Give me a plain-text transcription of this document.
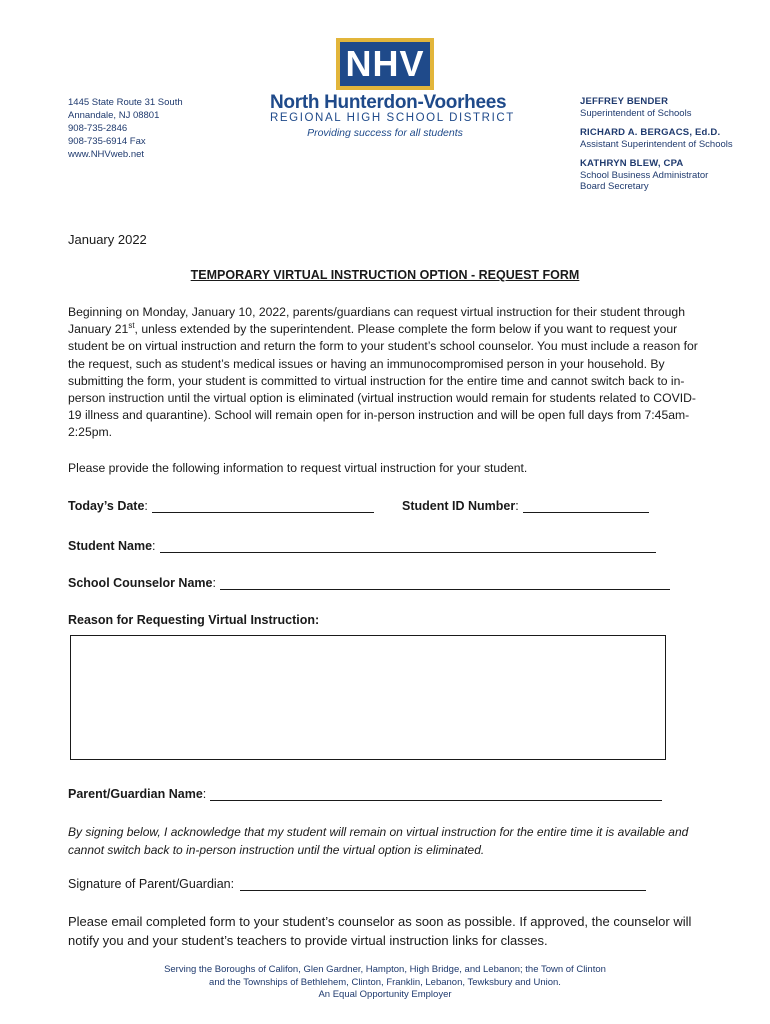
1445 State Route 31 South
Annandale, NJ 08801
908-735-2846
908-735-6914 Fax
www.NHVweb.net
NHV
North Hunterdon-Voorhees
REGIONAL HIGH SCHOOL DISTRICT
Providing success for all students
JEFFREY BENDER
Superintendent of Schools
RICHARD A. BERGACS, Ed.D.
Assistant Superintendent of Schools
KATHRYN BLEW, CPA
School Business Administrator
Board Secretary
January 2022
TEMPORARY VIRTUAL INSTRUCTION OPTION - REQUEST FORM
Beginning on Monday, January 10, 2022, parents/guardians can request virtual instruction for their student through January 21st, unless extended by the superintendent. Please complete the form below if you want to request your student be on virtual instruction and return the form to your student’s school counselor. You must include a reason for the request, such as student’s medical issues or having an immunocompromised person in your household. By submitting the form, your student is committed to virtual instruction for the entire time and cannot switch back to in-person instruction until the virtual option is eliminated (virtual instruction would remain for students related to COVID-19 illness and quarantine). School will remain open for in-person instruction and will be open full days from 7:45am-2:25pm.
Please provide the following information to request virtual instruction for your student.
Today’s Date :	Student ID Number :
Student Name :
School Counselor Name :
Reason for Requesting Virtual Instruction:
Parent/Guardian Name :
By signing below, I acknowledge that my student will remain on virtual instruction for the entire time it is available and cannot switch back to in-person instruction until the virtual option is eliminated.
Signature of Parent/Guardian:
Please email completed form to your student’s counselor as soon as possible. If approved, the counselor will notify you and your student’s teachers to provide virtual instruction links for classes.
Serving the Boroughs of Califon, Glen Gardner, Hampton, High Bridge, and Lebanon; the Town of Clinton
and the Townships of Bethlehem, Clinton, Franklin, Lebanon, Tewksbury and Union.
An Equal Opportunity Employer
